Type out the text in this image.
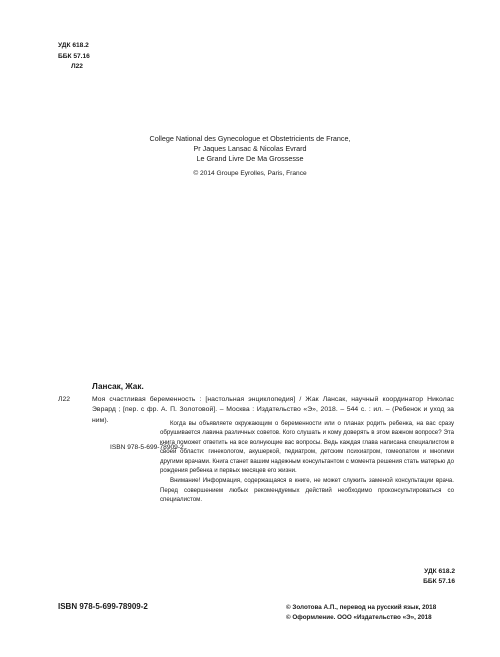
УДК 618.2
ББК 57.16
Л22
College National des Gynecologue et Obstetricients de France,
Pr Jaques Lansac & Nicolas Evrard
Le Grand Livre De Ma Grossesse
© 2014 Groupe Eyrolles, Paris, France
Лансак, Жак.
Л22	Моя счастливая беременность : [настольная энциклопедия] / Жак Лансак, научный координатор Николас Эврард ; [пер. с фр. А. П. Золотовой]. – Москва : Издательство «Э», 2018. – 544 с. : ил. – (Ребенок и уход за ним).
ISBN 978-5-699-78909-2

Когда вы объявляете окружающим о беременности или о планах родить ребенка, на вас сразу обрушивается лавина различных советов. Кого слушать и кому доверять в этом важном вопросе? Эта книга поможет ответить на все волнующие вас вопросы. Ведь каждая глава написана специалистом в своей области: гинекологом, акушеркой, педиатром, детским психиатром, гомеопатом и многими другими врачами. Книга станет вашим надежным консультантом с момента решения стать матерью до рождения ребенка и первых месяцев его жизни.

Внимание! Информация, содержащаяся в книге, не может служить заменой консультации врача. Перед совершением любых рекомендуемых действий необходимо проконсультироваться со специалистом.

УДК 618.2
ББК 57.16
ISBN 978-5-699-78909-2	© Золотова А.П., перевод на русский язык, 2018
© Оформление. ООО «Издательство «Э», 2018
